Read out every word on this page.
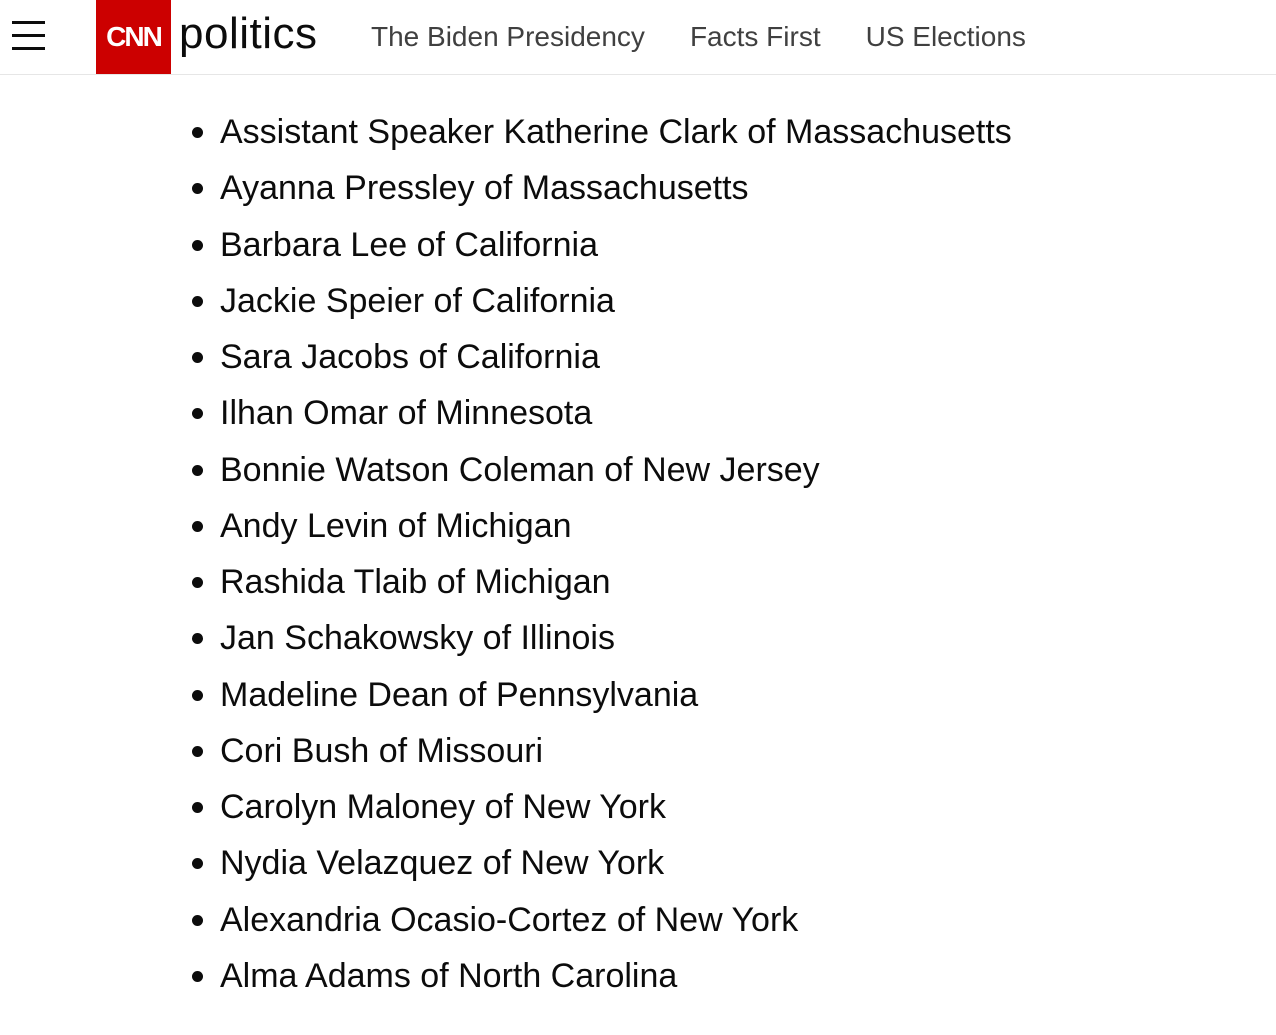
CNN politics The Biden Presidency Facts First US Elections
Assistant Speaker Katherine Clark of Massachusetts
Ayanna Pressley of Massachusetts
Barbara Lee of California
Jackie Speier of California
Sara Jacobs of California
Ilhan Omar of Minnesota
Bonnie Watson Coleman of New Jersey
Andy Levin of Michigan
Rashida Tlaib of Michigan
Jan Schakowsky of Illinois
Madeline Dean of Pennsylvania
Cori Bush of Missouri
Carolyn Maloney of New York
Nydia Velazquez of New York
Alexandria Ocasio-Cortez of New York
Alma Adams of North Carolina
